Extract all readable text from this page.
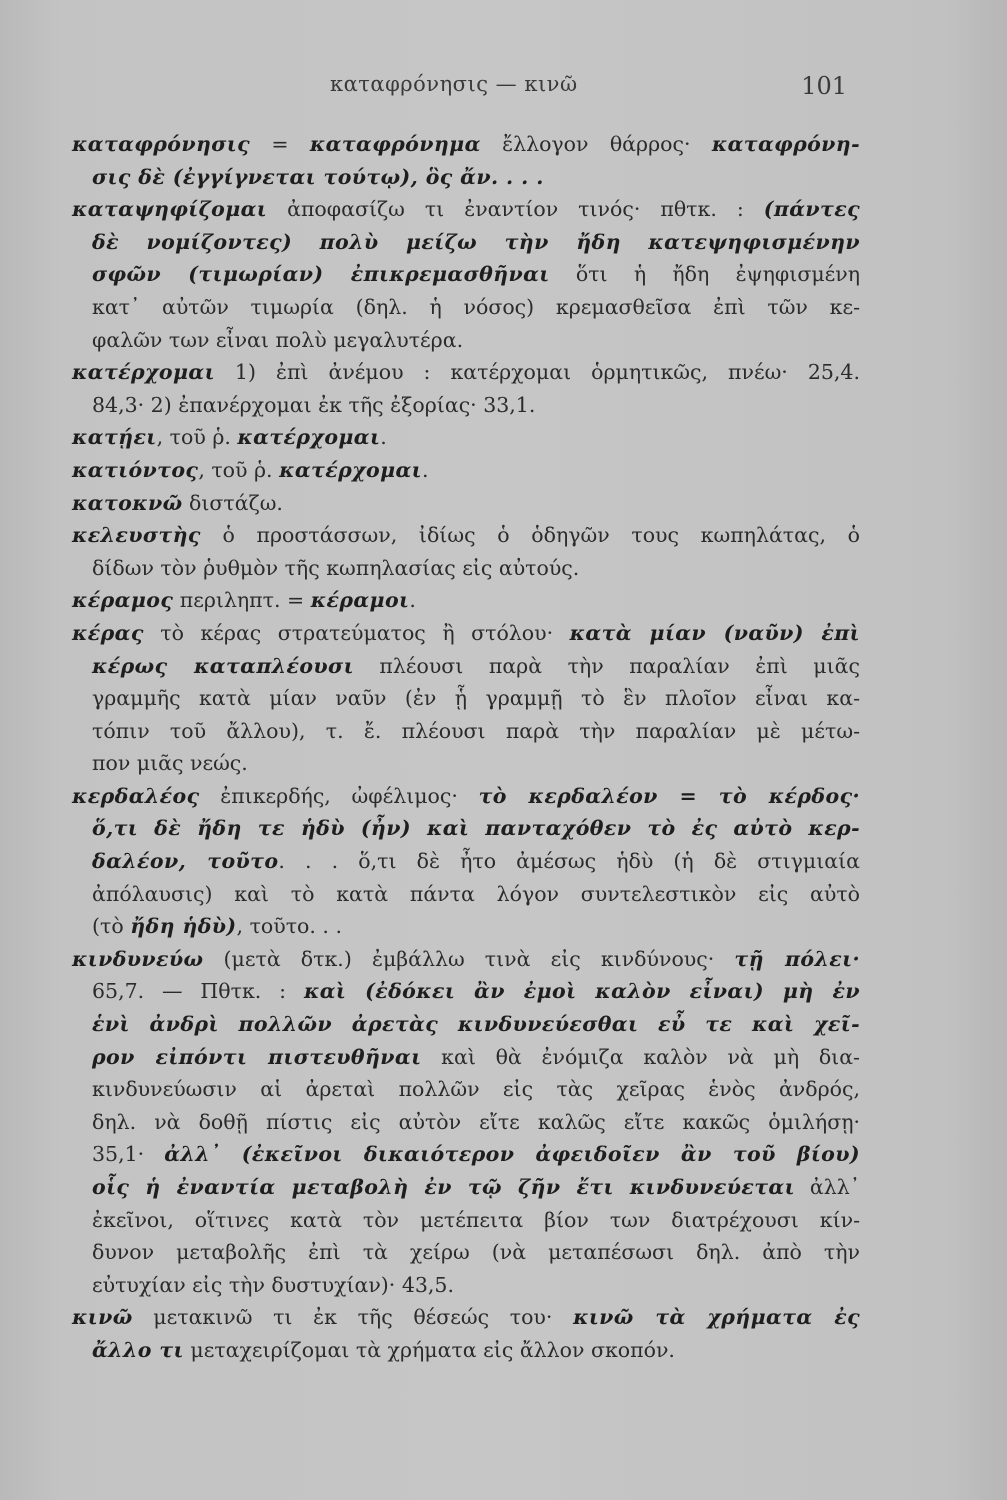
καταφρόνησις — κινῶ	101
καταφρόνησις = καταφρόνημα ἔλλογον θάρρος· καταφρόνη-
σις δὲ (ἐγγίγνεται τούτῳ), ὃς ἄν. . . .
καταψηφίζομαι ἀποφασίζω τι ἐναντίον τινός· πθτκ. : (πάντες
δὲ νομίζοντες) πολὺ μείζω τὴν ἤδη κατεψηφισμένην
σφῶν (τιμωρίαν) ἐπικρεμασθῆναι ὅτι ἡ ἤδη ἐψηφισμένη
κατ᾽ αὐτῶν τιμωρία (δηλ. ἡ νόσος) κρεμασθεῖσα ἐπὶ τῶν κε-
φαλῶν των εἶναι πολὺ μεγαλυτέρα.
κατέρχομαι 1) ἐπὶ ἀνέμου : κατέρχομαι ὁρμητικῶς, πνέω· 25,4.
84,3· 2) ἐπανέρχομαι ἐκ τῆς ἐξορίας· 33,1.
κατῄει, τοῦ ῥ. κατέρχομαι.
κατιόντος, τοῦ ῥ. κατέρχομαι.
κατοκνῶ διστάζω.
κελευστὴς ὁ προστάσσων, ἰδίως ὁ ὁδηγῶν τους κωπηλάτας, ὁ
δίδων τὸν ῥυθμὸν τῆς κωπηλασίας εἰς αὐτούς.
κέραμος περιληπτ. = κέραμοι.
κέρας τὸ κέρας στρατεύματος ἢ στόλου· κατὰ μίαν (ναῦν) ἐπὶ
κέρως καταπλέουσι πλέουσι παρὰ τὴν παραλίαν ἐπὶ μιᾶς
γραμμῆς κατὰ μίαν ναῦν (ἐν ᾗ γραμμῇ τὸ ἓν πλοῖον εἶναι κα-
τόπιν τοῦ ἄλλου), τ. ἔ. πλέουσι παρὰ τὴν παραλίαν μὲ μέτω-
πον μιᾶς νεώς.
κερδαλέος ἐπικερδής, ὠφέλιμος· τὸ κερδαλέον = τὸ κέρδος·
ὅ,τι δὲ ἤδη τε ἡδὺ (ἦν) καὶ πανταχόθεν τὸ ἐς αὐτὸ κερ-
δαλέον, τοῦτο. . . ὅ,τι δὲ ἦτο ἀμέσως ἡδὺ (ἡ δὲ στιγμιαία
ἀπόλαυσις) καὶ τὸ κατὰ πάντα λόγον συντελεστικὸν εἰς αὐτὸ
(τὸ ἤδη ἡδὺ), τοῦτο. . .
κινδυνεύω (μετὰ δτκ.) ἐμβάλλω τινὰ εἰς κινδύνους· τῇ πόλει·
65,7. — Πθτκ. : καὶ (ἐδόκει ἂν ἐμοὶ καλὸν εἶναι) μὴ ἐν
ἑνὶ ἀνδρὶ πολλῶν ἀρετὰς κινδυνεύεσθαι εὖ τε καὶ χεῖ-
ρον εἰπόντι πιστευθῆναι καὶ θὰ ἐνόμιζα καλὸν νὰ μὴ δια-
κινδυνεύωσιν αἱ ἀρεταὶ πολλῶν εἰς τὰς χεῖρας ἑνὸς ἀνδρός,
δηλ. νὰ δοθῇ πίστις εἰς αὐτὸν εἴτε καλῶς εἴτε κακῶς ὁμιλήσῃ·
35,1· ἀλλ᾽ (ἐκεῖνοι δικαιότερον ἀφειδοῖεν ἂν τοῦ βίου)
οἷς ἡ ἐναντία μεταβολὴ ἐν τῷ ζῆν ἔτι κινδυνεύεται ἀλλ᾽
ἐκεῖνοι, οἵτινες κατὰ τὸν μετέπειτα βίον των διατρέχουσι κίν-
δυνον μεταβολῆς ἐπὶ τὰ χείρω (νὰ μεταπέσωσι δηλ. ἀπὸ τὴν
εὐτυχίαν εἰς τὴν δυστυχίαν)· 43,5.
κινῶ μετακινῶ τι ἐκ τῆς θέσεώς του· κινῶ τὰ χρήματα ἐς
ἄλλο τι μεταχειρίζομαι τὰ χρήματα εἰς ἄλλον σκοπόν.
